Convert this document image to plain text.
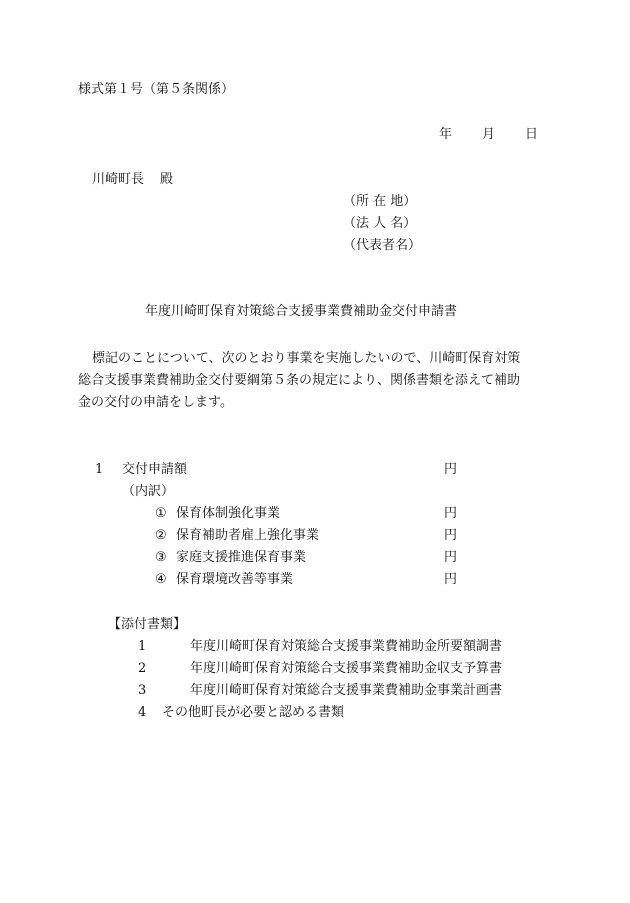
様式第１号（第５条関係）
年 月 日
川崎町長 殿
（所 在 地）
（法 人 名）
（代表者名）
年度川崎町保育対策総合支援事業費補助金交付申請書
標記のことについて、次のとおり事業を実施したいので、川崎町保育対策
総合支援事業費補助金交付要綱第５条の規定により、関係書類を添えて補助
金の交付の申請をします。
1 交付申請額	円
（内訳）
① 保育体制強化事業	円
② 保育補助者雇上強化事業	円
③ 家庭支援推進保育事業	円
④ 保育環境改善等事業	円
【添付書類】
1	年度川崎町保育対策総合支援事業費補助金所要額調書
2	年度川崎町保育対策総合支援事業費補助金収支予算書
3	年度川崎町保育対策総合支援事業費補助金事業計画書
4 その他町長が必要と認める書類
